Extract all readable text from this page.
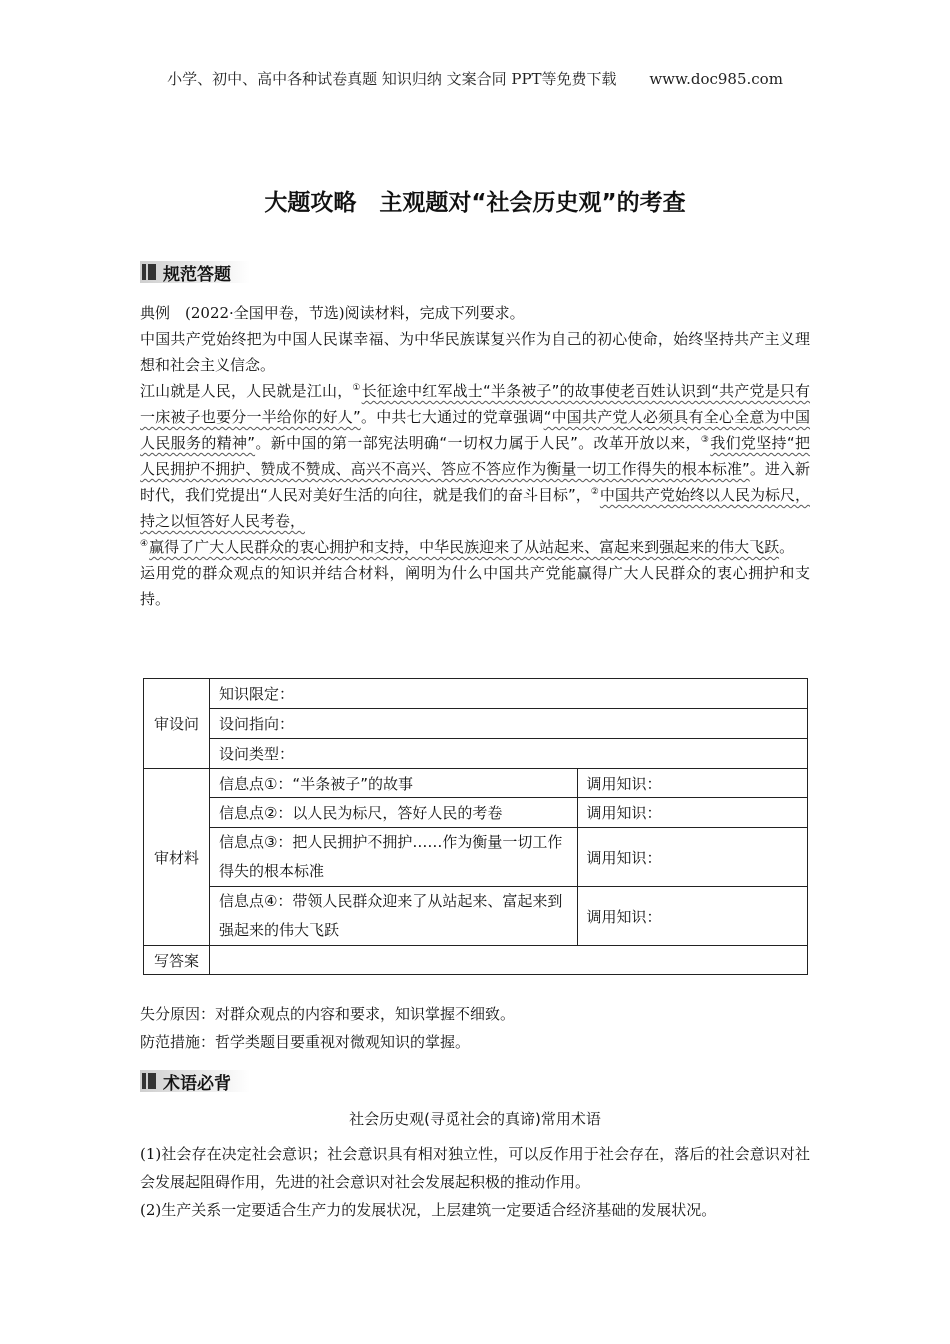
小学、初中、高中各种试卷真题 知识归纳 文案合同 PPT等免费下载 www.doc985.com
大题攻略　主观题对“社会历史观”的考查
规范答题

典例　(2022·全国甲卷，节选)阅读材料，完成下列要求。

中国共产党始终把为中国人民谋幸福、为中华民族谋复兴作为自己的初心使命，始终坚持共产主义理想和社会主义信念。

江山就是人民，人民就是江山，①长征途中红军战士“半条被子”的故事使老百姓认识到“共产党是只有一床被子也要分一半给你的好人”。中共七大通过的党章强调“中国共产党人必须具有全心全意为中国人民服务的精神”。新中国的第一部宪法明确“一切权力属于人民”。改革开放以来，③我们党坚持“把人民拥护不拥护、赞成不赞成、高兴不高兴、答应不答应作为衡量一切工作得失的根本标准”。进入新时代，我们党提出“人民对美好生活的向往，就是我们的奋斗目标”，②中国共产党始终以人民为标尺，持之以恒答好人民考卷，
④赢得了广大人民群众的衷心拥护和支持，中华民族迎来了从站起来、富起来到强起来的伟大飞跃。

运用党的群众观点的知识并结合材料，阐明为什么中国共产党能赢得广大人民群众的衷心拥护和支持。

审设问	知识限定：	
	设问指向：	
	设问类型：	
审材料	信息点①：“半条被子”的故事	调用知识：
	信息点②：以人民为标尺，答好人民的考卷	调用知识：
	信息点③：把人民拥护不拥护……作为衡量一切工作得失的根本标准	调用知识：
	信息点④：带领人民群众迎来了从站起来、富起来到强起来的伟大飞跃	调用知识：
写答案		
失分原因：对群众观点的内容和要求，知识掌握不细致。
防范措施：哲学类题目要重视对微观知识的掌握。
术语必背
社会历史观(寻觅社会的真谛)常用术语

(1)社会存在决定社会意识；社会意识具有相对独立性，可以反作用于社会存在，落后的社会意识对社会发展起阻碍作用，先进的社会意识对社会发展起积极的推动作用。

(2)生产关系一定要适合生产力的发展状况，上层建筑一定要适合经济基础的发展状况。
